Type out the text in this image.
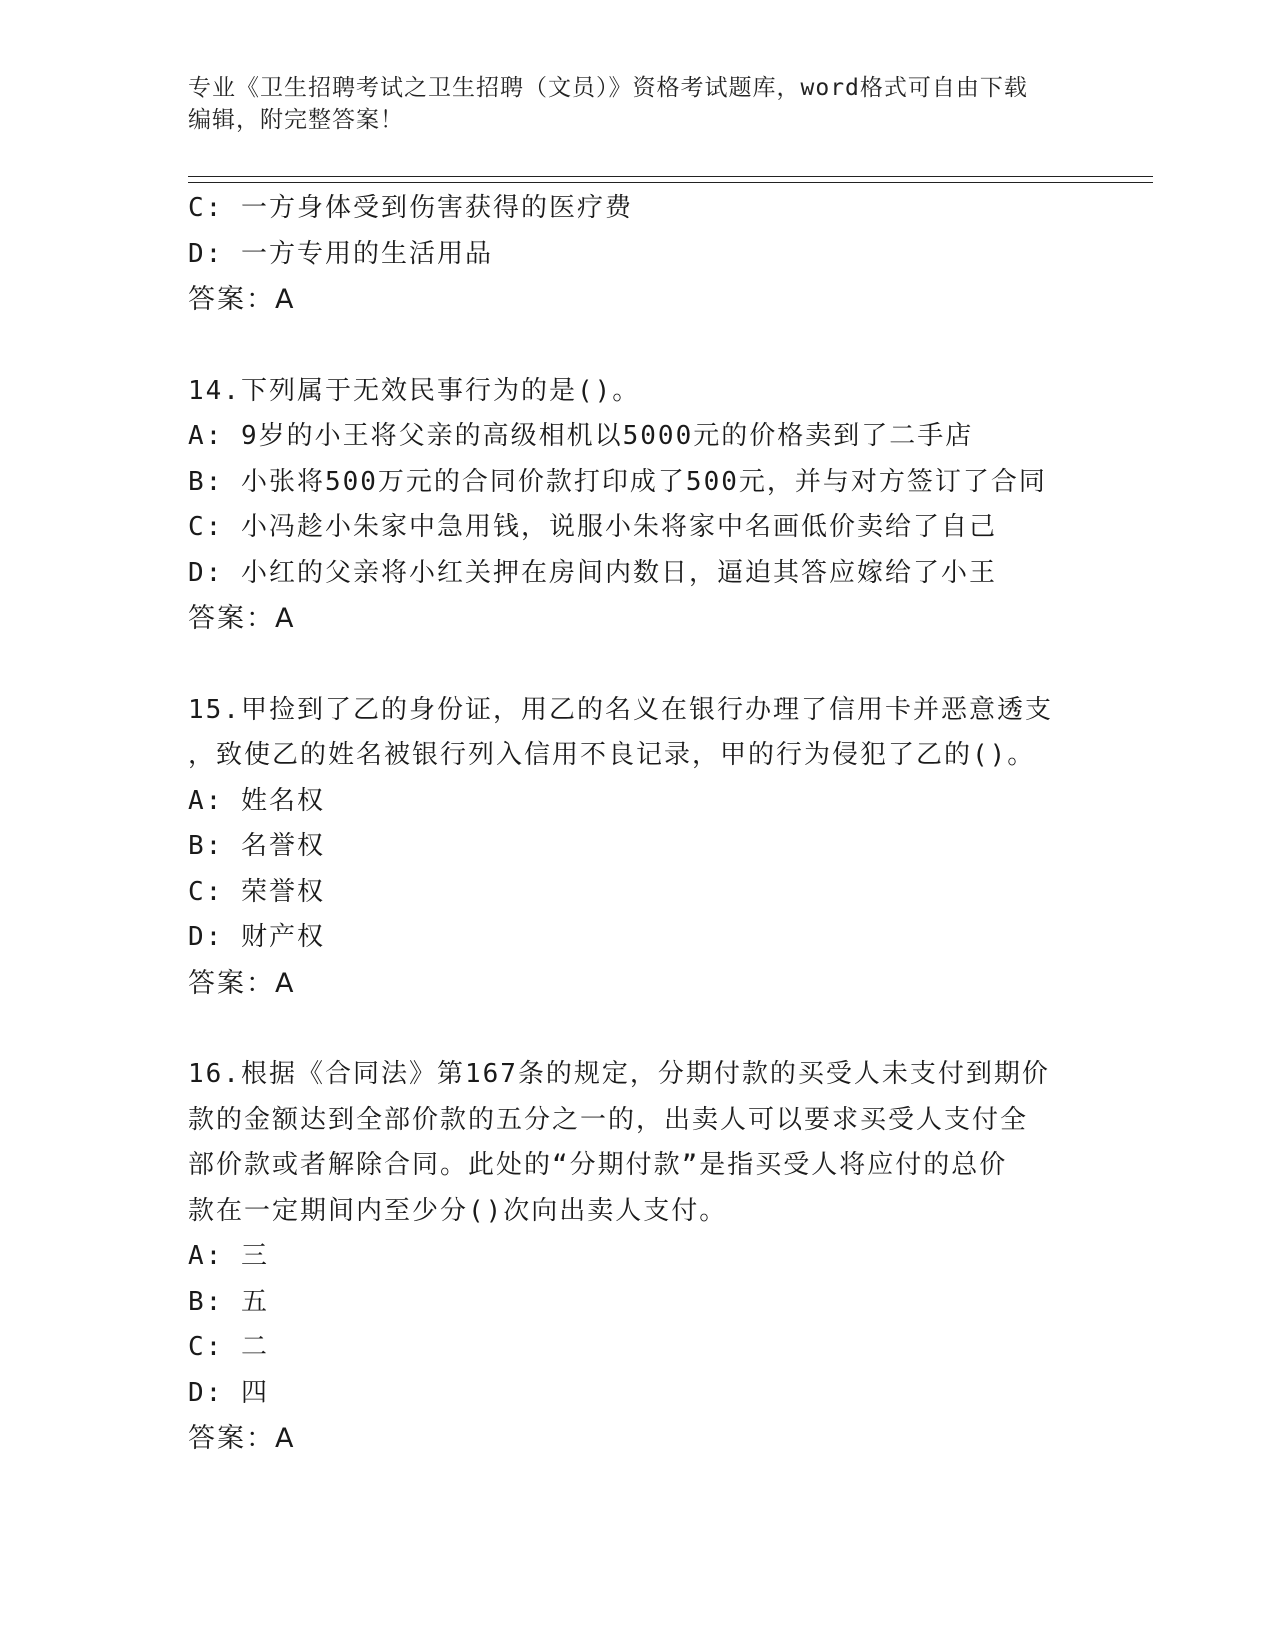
专业《卫生招聘考试之卫生招聘（文员）》资格考试题库，word格式可自由下载
编辑，附完整答案！
C: 一方身体受到伤害获得的医疗费
D: 一方专用的生活用品
答案：A
14.下列属于无效民事行为的是()。
A: 9岁的小王将父亲的高级相机以5000元的价格卖到了二手店
B: 小张将500万元的合同价款打印成了500元，并与对方签订了合同
C: 小冯趁小朱家中急用钱，说服小朱将家中名画低价卖给了自己
D: 小红的父亲将小红关押在房间内数日，逼迫其答应嫁给了小王
答案：A
15.甲捡到了乙的身份证，用乙的名义在银行办理了信用卡并恶意透支
，致使乙的姓名被银行列入信用不良记录，甲的行为侵犯了乙的()。
A: 姓名权
B: 名誉权
C: 荣誉权
D: 财产权
答案：A
16.根据《合同法》第167条的规定，分期付款的买受人未支付到期价
款的金额达到全部价款的五分之一的，出卖人可以要求买受人支付全
部价款或者解除合同。此处的“分期付款”是指买受人将应付的总价
款在一定期间内至少分()次向出卖人支付。
A: 三
B: 五
C: 二
D: 四
答案：A
